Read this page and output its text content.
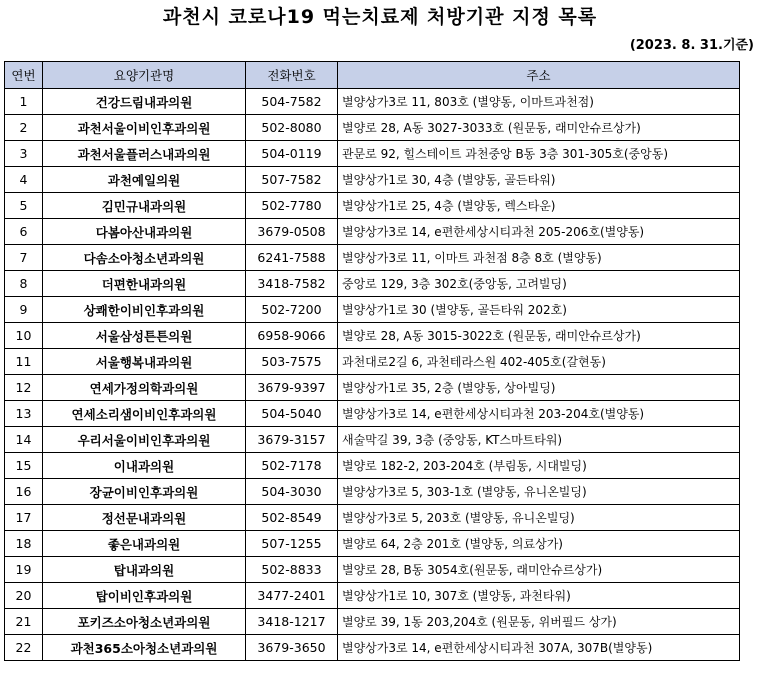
과천시 코로나19 먹는치료제 처방기관 지정 목록
(2023. 8. 31.기준)
연번	요양기관명	전화번호	주소
1	건강드림내과의원	504-7582	별양상가3로 11, 803호 (별양동, 이마트과천점)
2	과천서울이비인후과의원	502-8080	별양로 28, A동 3027-3033호 (원문동, 래미안슈르상가)
3	과천서울플러스내과의원	504-0119	관문로 92, 힐스테이트 과천중앙 B동 3층 301-305호(중앙동)
4	과천예일의원	507-7582	별양상가1로 30, 4층 (별양동, 골든타워)
5	김민규내과의원	502-7780	별양상가1로 25, 4층 (별양동, 렉스타운)
6	다봄아산내과의원	3679-0508	별양상가3로 14, e편한세상시티과천 205-206호(별양동)
7	다솜소아청소년과의원	6241-7588	별양상가3로 11, 이마트 과천점 8층 8호 (별양동)
8	더편한내과의원	3418-7582	중앙로 129, 3층 302호(중앙동, 고려빌딩)
9	상쾌한이비인후과의원	502-7200	별양상가1로 30 (별양동, 골든타워 202호)
10	서울삼성튼튼의원	6958-9066	별양로 28, A동 3015-3022호 (원문동, 래미안슈르상가)
11	서울행복내과의원	503-7575	과천대로2길 6, 과천테라스원 402-405호(갈현동)
12	연세가정의학과의원	3679-9397	별양상가1로 35, 2층 (별양동, 상아빌딩)
13	연세소리샘이비인후과의원	504-5040	별양상가3로 14, e편한세상시티과천 203-204호(별양동)
14	우리서울이비인후과의원	3679-3157	새술막길 39, 3층 (중앙동, KT스마트타워)
15	이내과의원	502-7178	별양로 182-2, 203-204호 (부림동, 시대빌딩)
16	장균이비인후과의원	504-3030	별양상가3로 5, 303-1호 (별양동, 유니온빌딩)
17	정선문내과의원	502-8549	별양상가3로 5, 203호 (별양동, 유니온빌딩)
18	좋은내과의원	507-1255	별양로 64, 2층 201호 (별양동, 의료상가)
19	탑내과의원	502-8833	별양로 28, B동 3054호(원문동, 래미안슈르상가)
20	탑이비인후과의원	3477-2401	별양상가1로 10, 307호 (별양동, 과천타워)
21	포키즈소아청소년과의원	3418-1217	별양로 39, 1동 203,204호 (원문동, 위버필드 상가)
22	과천365소아청소년과의원	3679-3650	별양상가3로 14, e편한세상시티과천 307A, 307B(별양동)
